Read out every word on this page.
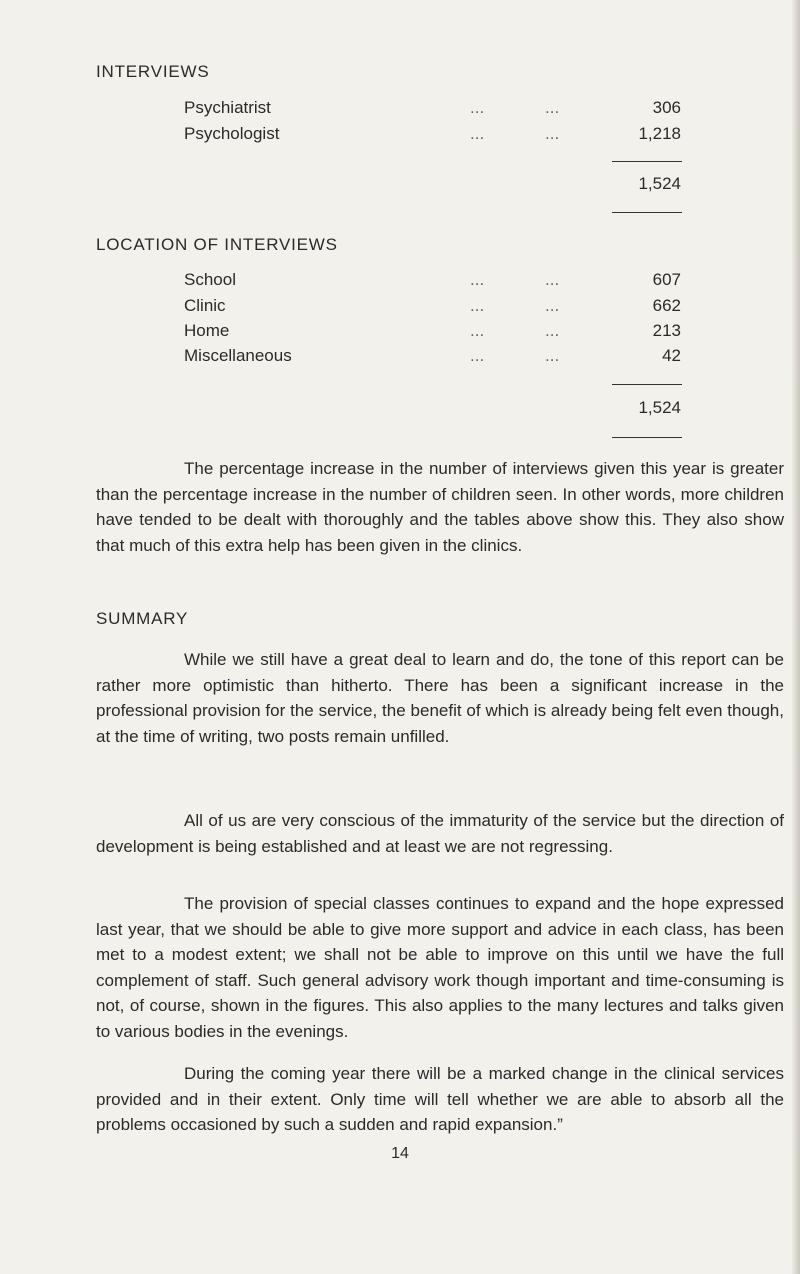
INTERVIEWS
Psychiatrist	...	...	306
Psychologist	...	...	1,218
1,524
LOCATION OF INTERVIEWS
School	...	...	607
Clinic	...	...	662
Home	...	...	213
Miscellaneous	...	...	42
1,524

The percentage increase in the number of interviews given this year is greater than the percentage increase in the number of children seen. In other words, more children have tended to be dealt with thoroughly and the tables above show this. They also show that much of this extra help has been given in the clinics.

SUMMARY

While we still have a great deal to learn and do, the tone of this report can be rather more optimistic than hitherto. There has been a significant increase in the professional provision for the service, the benefit of which is already being felt even though, at the time of writing, two posts remain unfilled.

All of us are very conscious of the immaturity of the service but the direction of development is being established and at least we are not regressing.

The provision of special classes continues to expand and the hope expressed last year, that we should be able to give more support and advice in each class, has been met to a modest extent; we shall not be able to improve on this until we have the full complement of staff. Such general advisory work though important and time-consuming is not, of course, shown in the figures. This also applies to the many lectures and talks given to various bodies in the evenings.

During the coming year there will be a marked change in the clinical services provided and in their extent. Only time will tell whether we are able to absorb all the problems occasioned by such a sudden and rapid expansion.”

14
